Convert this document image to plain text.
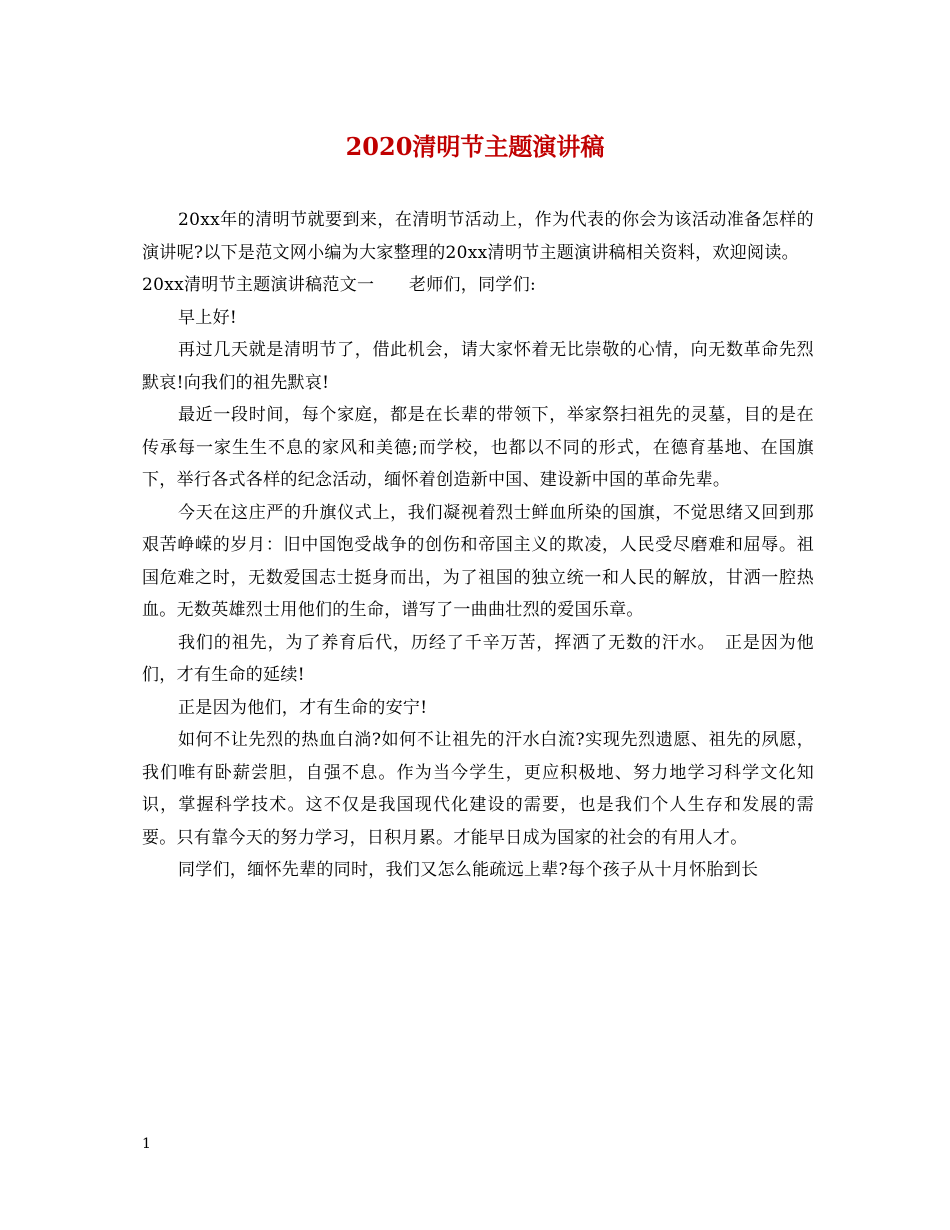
2020清明节主题演讲稿

20xx年的清明节就要到来，在清明节活动上，作为代表的你会为该活动准备怎样的演讲呢?以下是范文网小编为大家整理的20xx清明节主题演讲稿相关资料，欢迎阅读。

20xx清明节主题演讲稿范文一　　老师们，同学们:

早上好!

再过几天就是清明节了，借此机会，请大家怀着无比崇敬的心情，向无数革命先烈默哀!向我们的祖先默哀!

最近一段时间，每个家庭，都是在长辈的带领下，举家祭扫祖先的灵墓，目的是在传承每一家生生不息的家风和美德;而学校，也都以不同的形式，在德育基地、在国旗下，举行各式各样的纪念活动，缅怀着创造新中国、建设新中国的革命先辈。

今天在这庄严的升旗仪式上，我们凝视着烈士鲜血所染的国旗，不觉思绪又回到那艰苦峥嵘的岁月：旧中国饱受战争的创伤和帝国主义的欺凌，人民受尽磨难和屈辱。祖国危难之时，无数爱国志士挺身而出，为了祖国的独立统一和人民的解放，甘洒一腔热血。无数英雄烈士用他们的生命，谱写了一曲曲壮烈的爱国乐章。

我们的祖先，为了养育后代，历经了千辛万苦，挥洒了无数的汗水。　正是因为他们，才有生命的延续!

正是因为他们，才有生命的安宁!

如何不让先烈的热血白淌?如何不让祖先的汗水白流?实现先烈遗愿、祖先的夙愿，我们唯有卧薪尝胆，自强不息。作为当今学生，更应积极地、努力地学习科学文化知识，掌握科学技术。这不仅是我国现代化建设的需要，也是我们个人生存和发展的需要。只有靠今天的努力学习，日积月累。才能早日成为国家的社会的有用人才。

同学们，缅怀先辈的同时，我们又怎么能疏远上辈?每个孩子从十月怀胎到长

1
